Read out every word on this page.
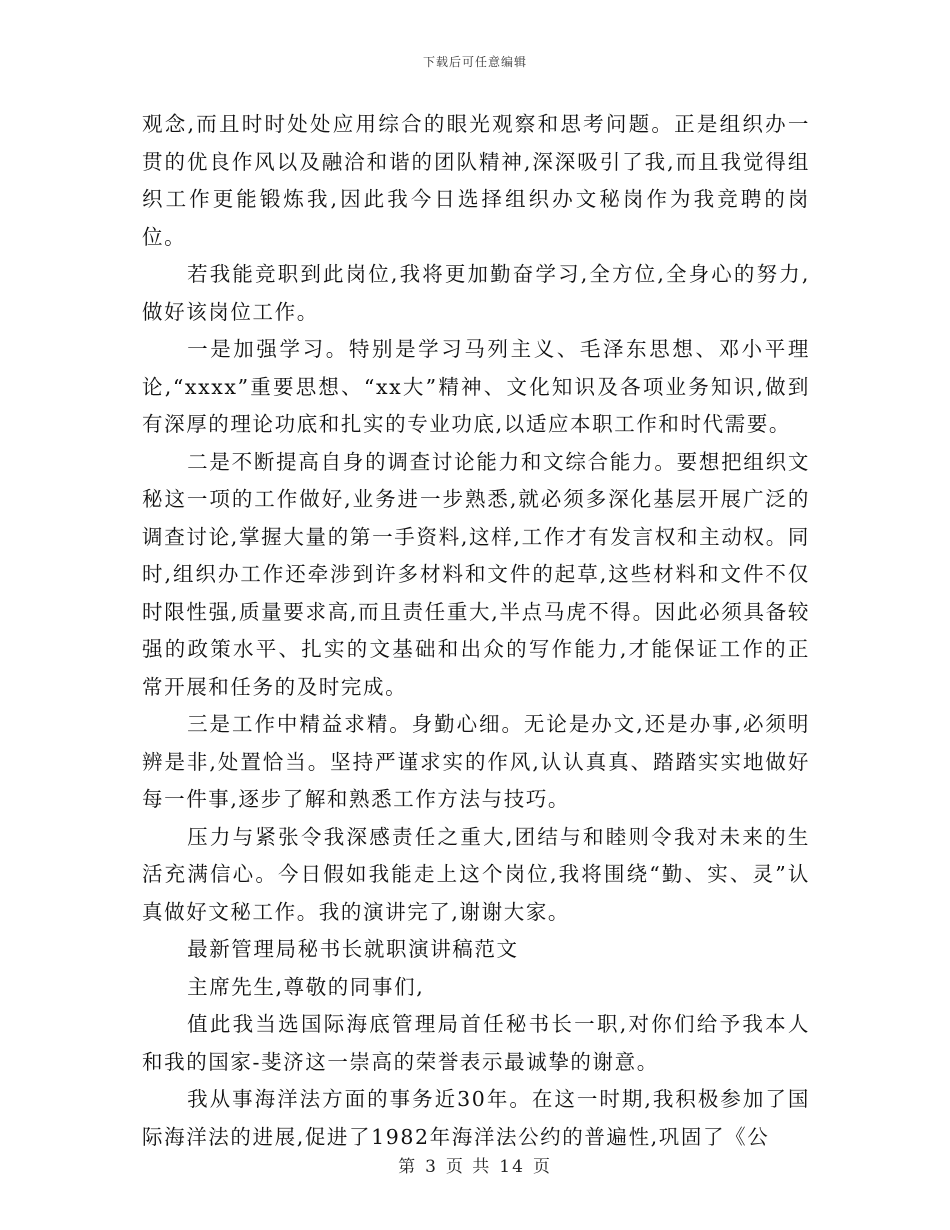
下载后可任意编辑

观念,而且时时处处应用综合的眼光观察和思考问题。正是组织办一贯的优良作风以及融洽和谐的团队精神,深深吸引了我,而且我觉得组织工作更能锻炼我,因此我今日选择组织办文秘岗作为我竞聘的岗位。

若我能竞职到此岗位,我将更加勤奋学习,全方位,全身心的努力,做好该岗位工作。

一是加强学习。特别是学习马列主义、毛泽东思想、邓小平理论,“xxxx”重要思想、“xx大”精神、文化知识及各项业务知识,做到有深厚的理论功底和扎实的专业功底,以适应本职工作和时代需要。

二是不断提高自身的调查讨论能力和文综合能力。要想把组织文秘这一项的工作做好,业务进一步熟悉,就必须多深化基层开展广泛的调查讨论,掌握大量的第一手资料,这样,工作才有发言权和主动权。同时,组织办工作还牵涉到许多材料和文件的起草,这些材料和文件不仅时限性强,质量要求高,而且责任重大,半点马虎不得。因此必须具备较强的政策水平、扎实的文基础和出众的写作能力,才能保证工作的正常开展和任务的及时完成。

三是工作中精益求精。身勤心细。无论是办文,还是办事,必须明辨是非,处置恰当。坚持严谨求实的作风,认认真真、踏踏实实地做好每一件事,逐步了解和熟悉工作方法与技巧。

压力与紧张令我深感责任之重大,团结与和睦则令我对未来的生活充满信心。今日假如我能走上这个岗位,我将围绕“勤、实、灵”认真做好文秘工作。我的演讲完了,谢谢大家。

最新管理局秘书长就职演讲稿范文

主席先生,尊敬的同事们,

值此我当选国际海底管理局首任秘书长一职,对你们给予我本人和我的国家-斐济这一崇高的荣誉表示最诚挚的谢意。

我从事海洋法方面的事务近30年。在这一时期,我积极参加了国际海洋法的进展,促进了1982年海洋法公约的普遍性,巩固了《公

第 3 页 共 14 页
